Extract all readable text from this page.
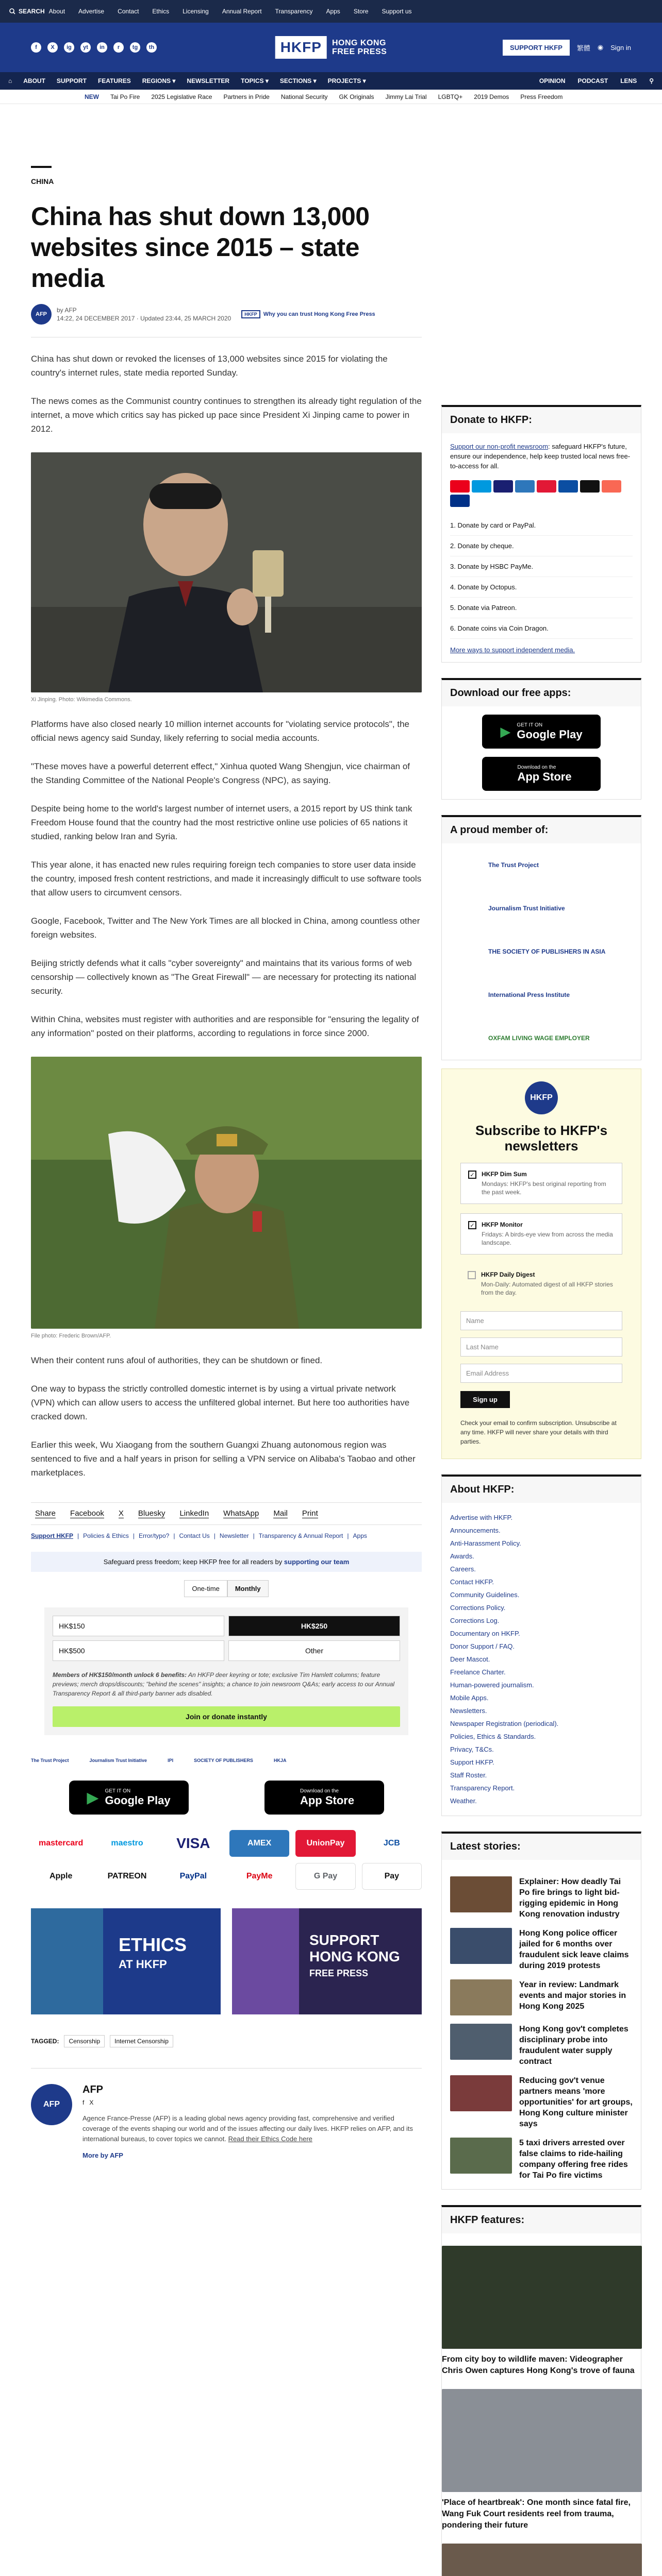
SEARCH About Advertise Contact Ethics Licensing Annual Report Transparency Apps Store Support us
f	X	ig	yt	in	r	tg	th	HKFP	HONG KONG
FREE PRESS	SUPPORT HKFP	繁體 ◉ Sign in
⌂ ABOUT SUPPORT FEATURES REGIONS ▾ NEWSLETTER TOPICS ▾ SECTIONS ▾ PROJECTS ▾	OPINION PODCAST LENS ⚲
NEW Tai Po Fire 2025 Legislative Race Partners in Pride National Security GK Originals Jimmy Lai Trial LGBTQ+ 2019 Demos Press Freedom
CHINA
China has shut down 13,000 websites since 2015 – state media
AFP
by AFP
14:22, 24 DECEMBER 2017 · Updated 23:44, 25 MARCH 2020
HKFP	Why you can trust Hong Kong Free Press

China has shut down or revoked the licenses of 13,000 websites since 2015 for violating the country's internet rules, state media reported Sunday.

The news comes as the Communist country continues to strengthen its already tight regulation of the internet, a move which critics say has picked up pace since President Xi Jinping came to power in 2012.

Xi Jinping. Photo: Wikimedia Commons.

Platforms have also closed nearly 10 million internet accounts for "violating service protocols", the official news agency said Sunday, likely referring to social media accounts.

"These moves have a powerful deterrent effect," Xinhua quoted Wang Shengjun, vice chairman of the Standing Committee of the National People's Congress (NPC), as saying.

Despite being home to the world's largest number of internet users, a 2015 report by US think tank Freedom House found that the country had the most restrictive online use policies of 65 nations it studied, ranking below Iran and Syria.

This year alone, it has enacted new rules requiring foreign tech companies to store user data inside the country, imposed fresh content restrictions, and made it increasingly difficult to use software tools that allow users to circumvent censors.

Google, Facebook, Twitter and The New York Times are all blocked in China, among countless other foreign websites.

Beijing strictly defends what it calls "cyber sovereignty" and maintains that its various forms of web censorship — collectively known as "The Great Firewall" — are necessary for protecting its national security.

Within China, websites must register with authorities and are responsible for "ensuring the legality of any information" posted on their platforms, according to regulations in force since 2000.

File photo: Frederic Brown/AFP.

When their content runs afoul of authorities, they can be shutdown or fined.

One way to bypass the strictly controlled domestic internet is by using a virtual private network (VPN) which can allow users to access the unfiltered global internet. But here too authorities have cracked down.

Earlier this week, Wu Xiaogang from the southern Guangxi Zhuang autonomous region was sentenced to five and a half years in prison for selling a VPN service on Alibaba's Taobao and other marketplaces.

Share Facebook X Bluesky LinkedIn WhatsApp Mail Print
Support HKFP | Policies & Ethics | Error/typo? | Contact Us | Newsletter | Transparency & Annual Report | Apps
Safeguard press freedom; keep HKFP free for all readers by supporting our team
One-time	Monthly
HK$150	HK$250
HK$500	Other
Members of HK$150/month unlock 6 benefits: An HKFP deer keyring or tote; exclusive Tim Hamlett columns; feature previews; merch drops/discounts; "behind the scenes" insights; a chance to join newsroom Q&As; early access to our Annual Transparency Report & all third-party banner ads disabled.
Join or donate instantly
The Trust Project	Journalism Trust Initiative	IPI	SOCIETY OF PUBLISHERS	HKJA
▶ GET IT ON
Google Play
Download on the
App Store
mastercard	maestro	VISA	AMEX	UnionPay	JCB
Apple	PATREON	PayPal	PayMe	G Pay	Pay
ETHICS
AT HKFP
SUPPORT HONG KONG
FREE PRESS
TAGGED:	Censorship	Internet Censorship
AFP
AFP
f   X
Agence France-Presse (AFP) is a leading global news agency providing fast, comprehensive and verified coverage of the events shaping our world and of the issues affecting our daily lives. HKFP relies on AFP, and its international bureaus, to cover topics we cannot. Read their Ethics Code here
More by AFP
Donate to HKFP:
Support our non-profit newsroom: safeguard HKFP's future, ensure our independence, help keep trusted local news free-to-access for all.
1. Donate by card or PayPal.
2. Donate by cheque.
3. Donate by HSBC PayMe.
4. Donate by Octopus.
5. Donate via Patreon.
6. Donate coins via Coin Dragon.
More ways to support independent media.
Download our free apps:
▶ GET IT ON
Google Play
Download on the
App Store
A proud member of:
The Trust Project
Journalism Trust Initiative
THE SOCIETY OF PUBLISHERS IN ASIA
International Press Institute
OXFAM LIVING WAGE EMPLOYER
HKFP
Subscribe to HKFP's newsletters
✓ HKFP Dim Sum
Mondays: HKFP's best original reporting from the past week.
✓ HKFP Monitor
Fridays: A birds-eye view from across the media landscape.
HKFP Daily Digest
Mon-Daily: Automated digest of all HKFP stories from the day.
Name
Last Name
Email Address
Sign up
Check your email to confirm subscription. Unsubscribe at any time. HKFP will never share your details with third parties.
About HKFP:
Advertise with HKFP.
Announcements.
Anti-Harassment Policy.
Awards.
Careers.
Contact HKFP.
Community Guidelines.
Corrections Policy.
Corrections Log.
Documentary on HKFP.
Donor Support / FAQ.
Deer Mascot.
Freelance Charter.
Human-powered journalism.
Mobile Apps.
Newsletters.
Newspaper Registration (periodical).
Policies, Ethics & Standards.
Privacy, T&Cs.
Support HKFP.
Staff Roster.
Transparency Report.
Weather.
Latest stories:
Explainer: How deadly Tai Po fire brings to light bid-rigging epidemic in Hong Kong renovation industry
Hong Kong police officer jailed for 6 months over fraudulent sick leave claims during 2019 protests
Year in review: Landmark events and major stories in Hong Kong 2025
Hong Kong gov't completes disciplinary probe into fraudulent water supply contract
Reducing gov't venue partners means 'more opportunities' for art groups, Hong Kong culture minister says
5 taxi drivers arrested over false claims to ride-hailing company offering free rides for Tai Po fire victims
HKFP features:
From city boy to wildlife maven: Videographer Chris Owen captures Hong Kong's trove of fauna
'Place of heartbreak': One month since fatal fire, Wang Fuk Court residents reel from trauma, pondering their future
